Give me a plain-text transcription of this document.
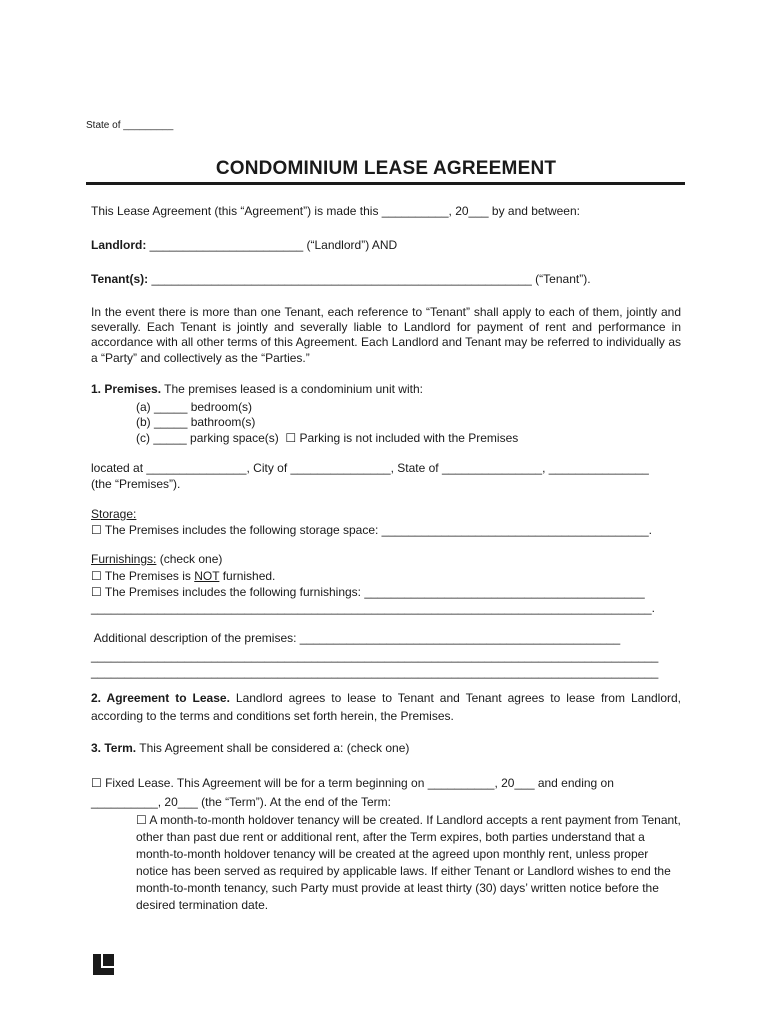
State of _________
CONDOMINIUM LEASE AGREEMENT
This Lease Agreement (this “Agreement”) is made this __________, 20___ by and between:
Landlord: _______________________ (“Landlord”) AND
Tenant(s): _________________________________________________________ (“Tenant”).
In the event there is more than one Tenant, each reference to “Tenant” shall apply to each of them, jointly and severally. Each Tenant is jointly and severally liable to Landlord for payment of rent and performance in accordance with all other terms of this Agreement. Each Landlord and Tenant may be referred to individually as a “Party” and collectively as the “Parties.”
1. Premises. The premises leased is a condominium unit with:
(a) _____ bedroom(s)
(b) _____ bathroom(s)
(c) _____ parking space(s)  ☐ Parking is not included with the Premises
located at _______________, City of _______________, State of _______________, _______________
(the “Premises”).
Storage:
☐ The Premises includes the following storage space: ________________________________________.
Furnishings: (check one)
☐ The Premises is NOT furnished.
☐ The Premises includes the following furnishings: __________________________________________
____________________________________________________________________________________.
Additional description of the premises: ________________________________________________
_____________________________________________________________________________________
_____________________________________________________________________________________
2. Agreement to Lease. Landlord agrees to lease to Tenant and Tenant agrees to lease from Landlord, according to the terms and conditions set forth herein, the Premises.
3. Term. This Agreement shall be considered a: (check one)
☐ Fixed Lease. This Agreement will be for a term beginning on __________, 20___ and ending on
__________, 20___ (the “Term”). At the end of the Term:
☐ A month-to-month holdover tenancy will be created. If Landlord accepts a rent payment from Tenant, other than past due rent or additional rent, after the Term expires, both parties understand that a month-to-month holdover tenancy will be created at the agreed upon monthly rent, unless proper notice has been served as required by applicable laws. If either Tenant or Landlord wishes to end the month-to-month tenancy, such Party must provide at least thirty (30) days’ written notice before the desired termination date.
